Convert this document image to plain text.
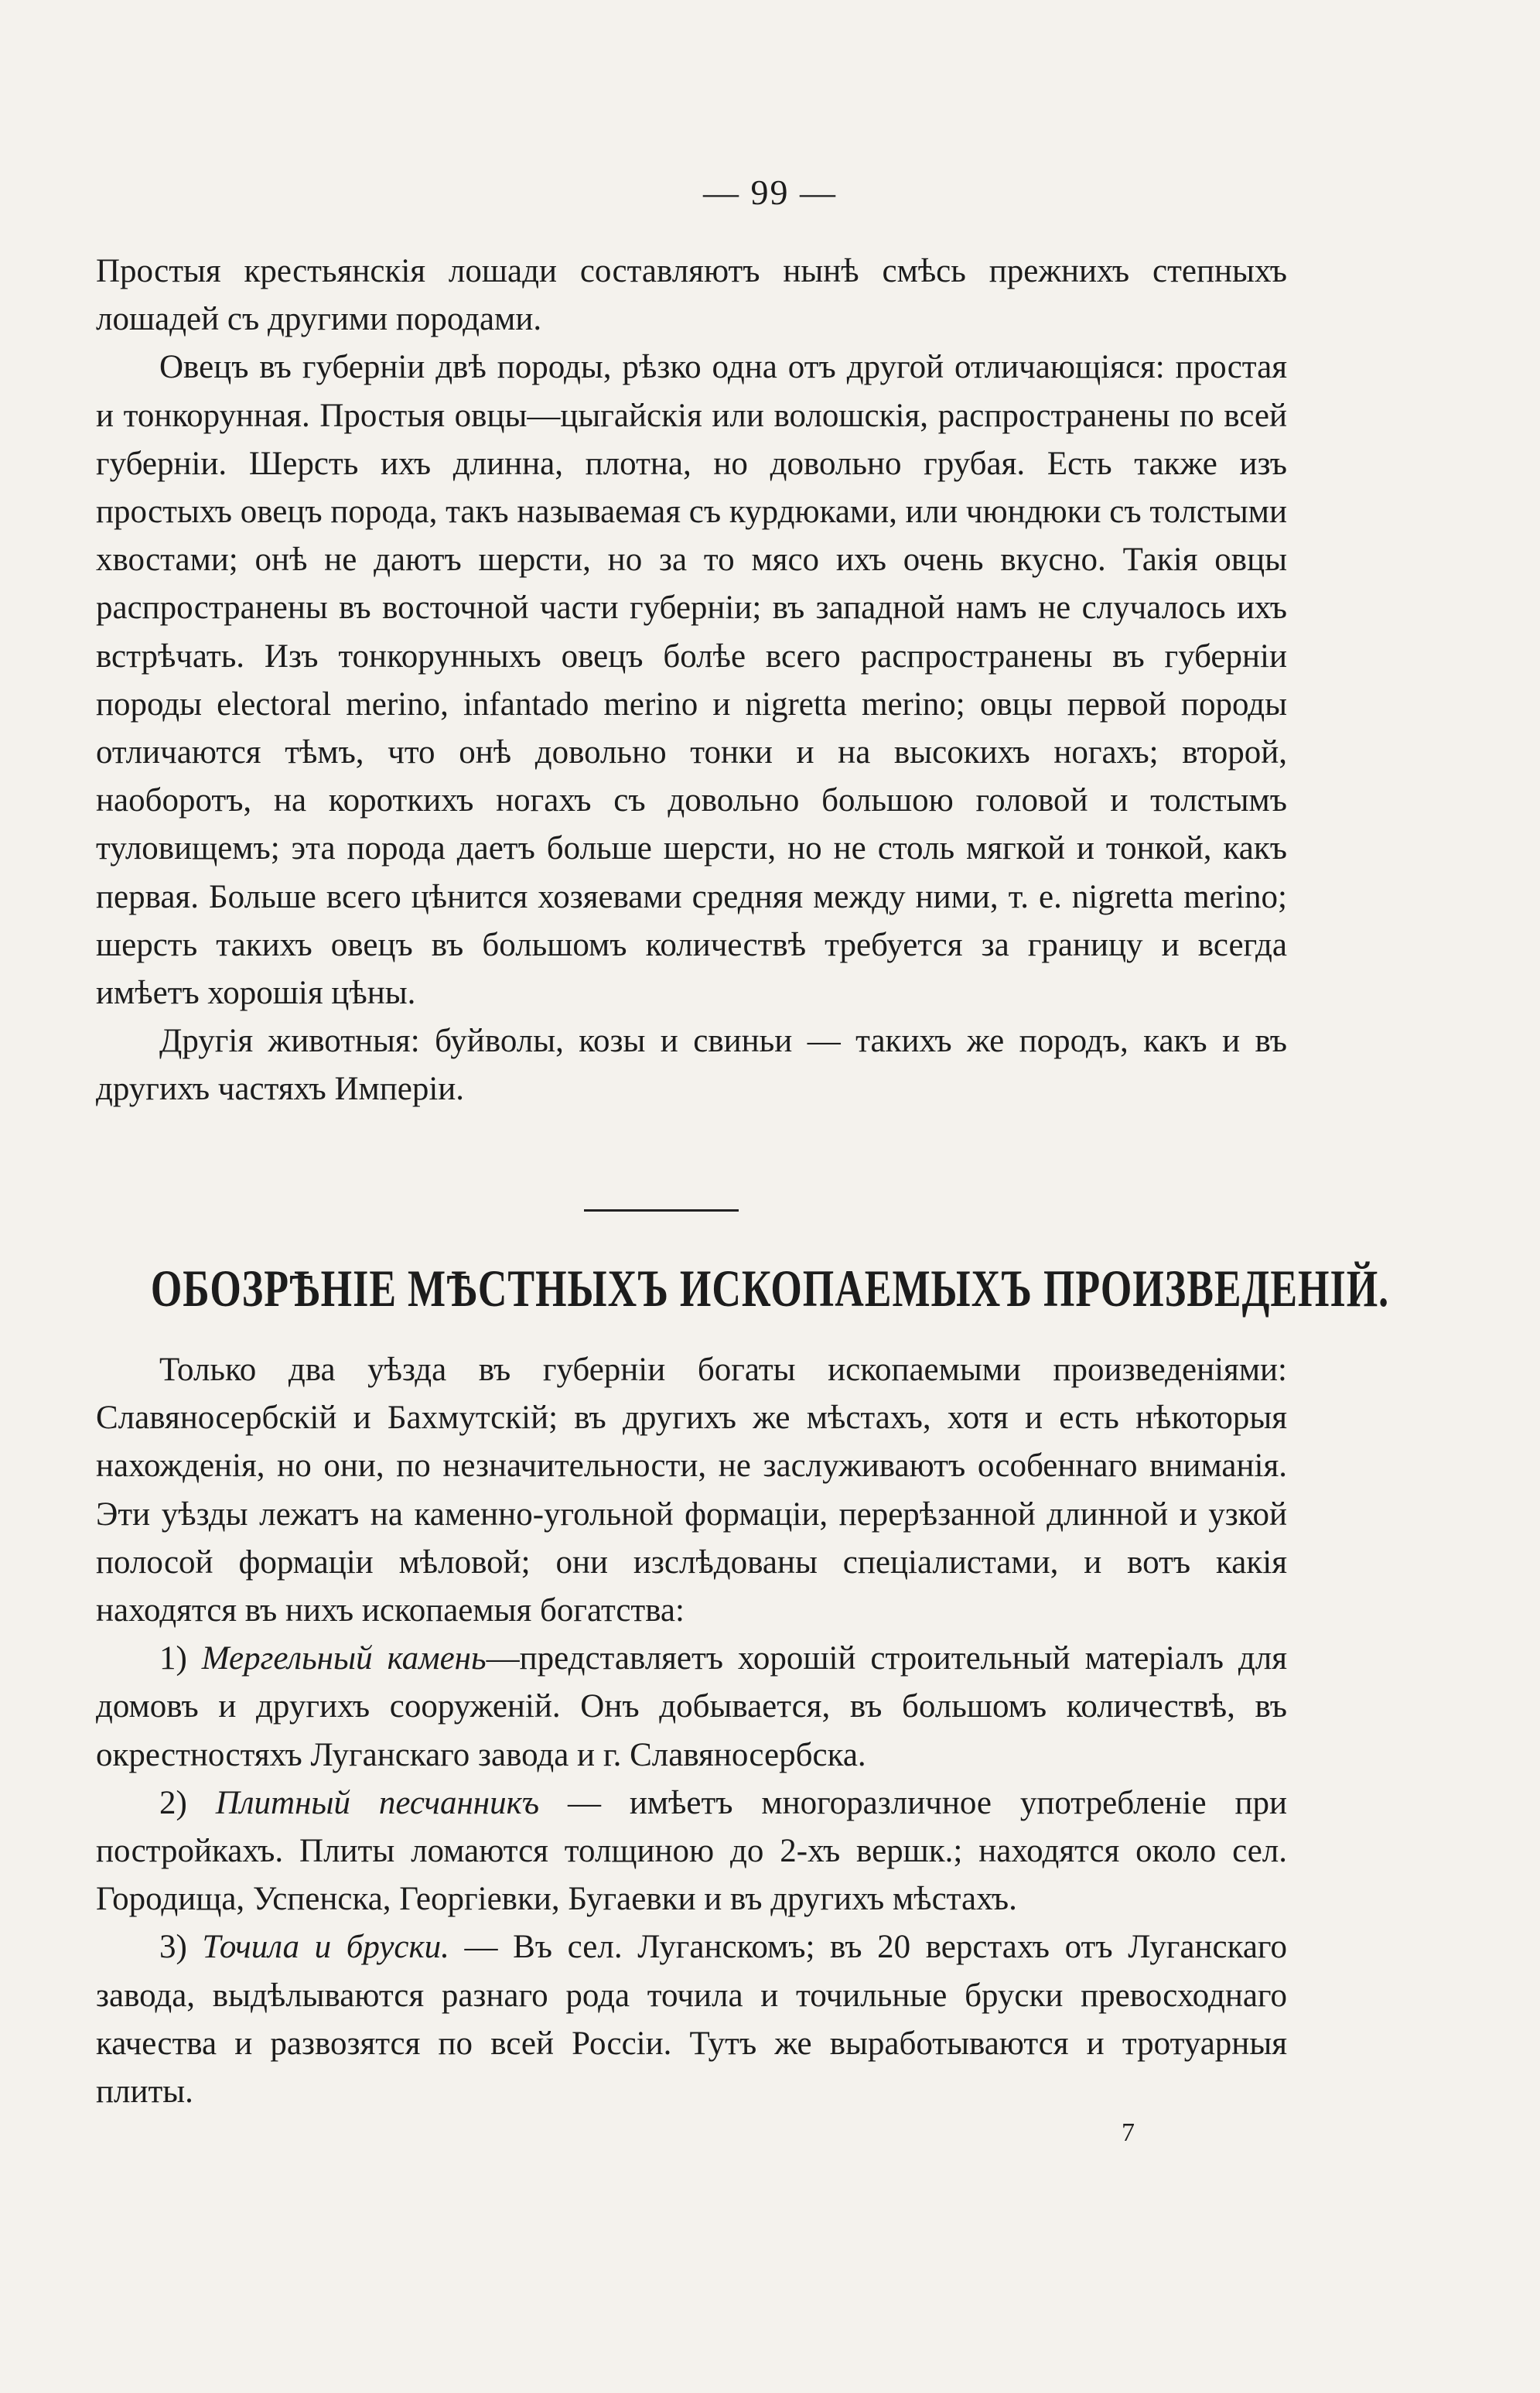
— 99 —

Простыя крестьянскія лошади составляютъ нынѣ смѣсь прежнихъ степныхъ лошадей съ другими породами.

Овецъ въ губерніи двѣ породы, рѣзко одна отъ другой отличающіяся: простая и тонкорунная. Простыя овцы—цыгайскія или волошскія, распространены по всей губерніи. Шерсть ихъ длинна, плотна, но довольно грубая. Есть также изъ простыхъ овецъ порода, такъ называемая съ курдюками, или чюндюки съ толстыми хвостами; онѣ не даютъ шерсти, но за то мясо ихъ очень вкусно. Такія овцы распространены въ восточной части губерніи; въ западной намъ не случалось ихъ встрѣчать. Изъ тонкорунныхъ овецъ болѣе всего распространены въ губерніи породы electoral merino, infantado merino и nigretta merino; овцы первой породы отличаются тѣмъ, что онѣ довольно тонки и на высокихъ ногахъ; второй, наоборотъ, на короткихъ ногахъ съ довольно большою головой и толстымъ туловищемъ; эта порода даетъ больше шерсти, но не столь мягкой и тонкой, какъ первая. Больше всего цѣнится хозяевами средняя между ними, т. е. nigretta merino; шерсть такихъ овецъ въ большомъ количествѣ требуется за границу и всегда имѣетъ хорошія цѣны.

Другія животныя: буйволы, козы и свиньи — такихъ же породъ, какъ и въ другихъ частяхъ Имперіи.

ОБОЗРѢНІЕ МѢСТНЫХЪ ИСКОПАЕМЫХЪ ПРОИЗВЕДЕНІЙ.

Только два уѣзда въ губерніи богаты ископаемыми произведеніями: Славяносербскій и Бахмутскій; въ другихъ же мѣстахъ, хотя и есть нѣкоторыя нахожденія, но они, по незначительности, не заслуживаютъ особеннаго вниманія. Эти уѣзды лежатъ на каменно-угольной формаціи, перерѣзанной длинной и узкой полосой формаціи мѣловой; они изслѣдованы спеціалистами, и вотъ какія находятся въ нихъ ископаемыя богатства:

1) Мергельный камень—представляетъ хорошій строительный матеріалъ для домовъ и другихъ сооруженій. Онъ добывается, въ большомъ количествѣ, въ окрестностяхъ Луганскаго завода и г. Славяносербска.

2) Плитный песчанникъ — имѣетъ многоразличное употребленіе при постройкахъ. Плиты ломаются толщиною до 2-хъ вершк.; находятся около сел. Городища, Успенска, Георгіевки, Бугаевки и въ другихъ мѣстахъ.

3) Точила и бруски. — Въ сел. Луганскомъ; въ 20 верстахъ отъ Луганскаго завода, выдѣлываются разнаго рода точила и точильные бруски превосходнаго качества и развозятся по всей Россіи. Тутъ же выработываются и тротуарныя плиты.

7
